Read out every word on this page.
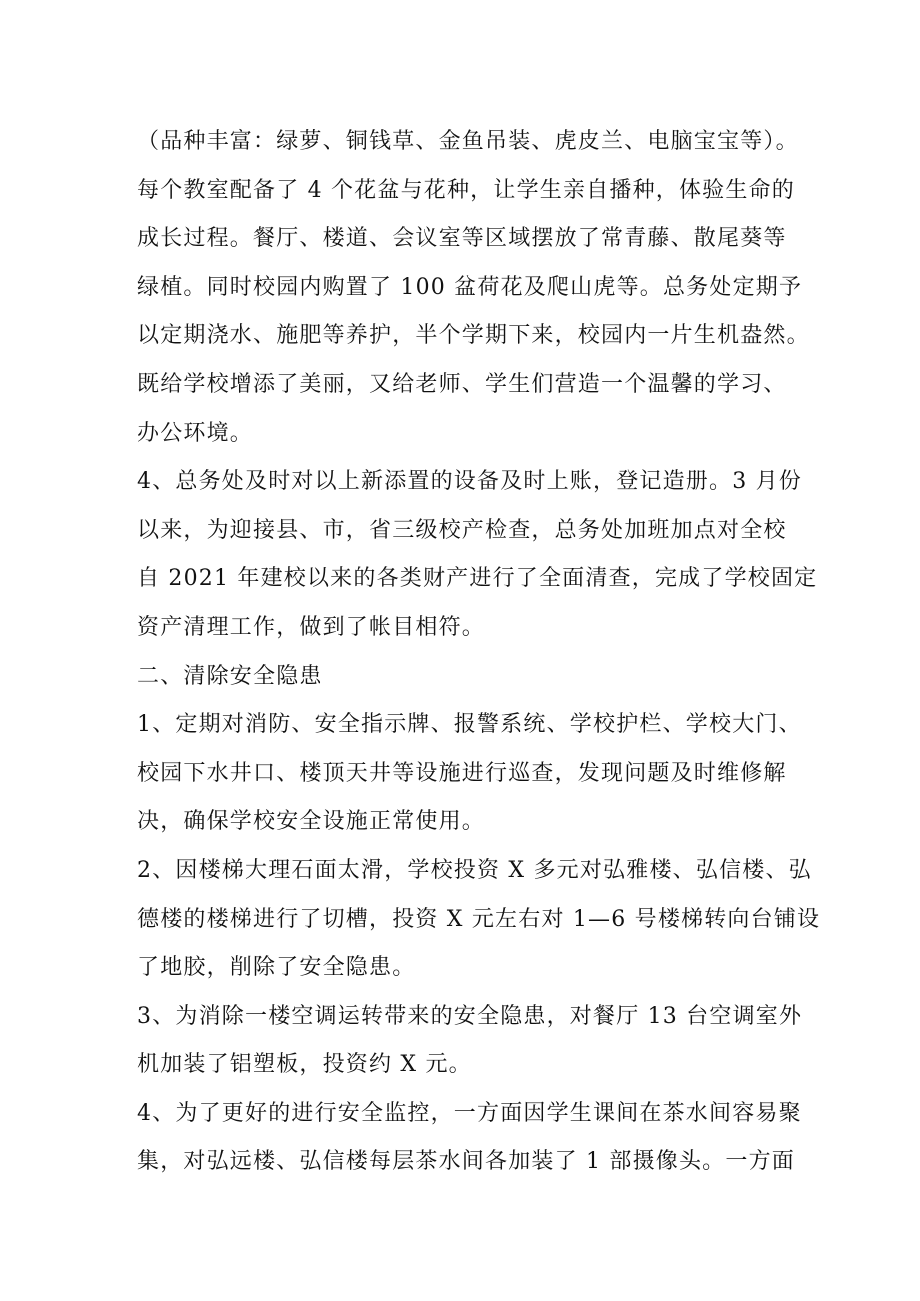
（品种丰富：绿萝、铜钱草、金鱼吊装、虎皮兰、电脑宝宝等）。
每个教室配备了 4 个花盆与花种，让学生亲自播种，体验生命的
成长过程。餐厅、楼道、会议室等区域摆放了常青藤、散尾葵等
绿植。同时校园内购置了 100 盆荷花及爬山虎等。总务处定期予
以定期浇水、施肥等养护，半个学期下来，校园内一片生机盎然。
既给学校增添了美丽，又给老师、学生们营造一个温馨的学习、
办公环境。
4、总务处及时对以上新添置的设备及时上账，登记造册。3 月份
以来，为迎接县、市，省三级校产检查，总务处加班加点对全校
自 2021 年建校以来的各类财产进行了全面清查，完成了学校固定
资产清理工作，做到了帐目相符。
二、清除安全隐患
1、定期对消防、安全指示牌、报警系统、学校护栏、学校大门、
校园下水井口、楼顶天井等设施进行巡查，发现问题及时维修解
决，确保学校安全设施正常使用。
2、因楼梯大理石面太滑，学校投资 X 多元对弘雅楼、弘信楼、弘
德楼的楼梯进行了切槽，投资 X 元左右对 1—6 号楼梯转向台铺设
了地胶，削除了安全隐患。
3、为消除一楼空调运转带来的安全隐患，对餐厅 13 台空调室外
机加装了铝塑板，投资约 X 元。
4、为了更好的进行安全监控，一方面因学生课间在茶水间容易聚
集，对弘远楼、弘信楼每层茶水间各加装了 1 部摄像头。一方面
